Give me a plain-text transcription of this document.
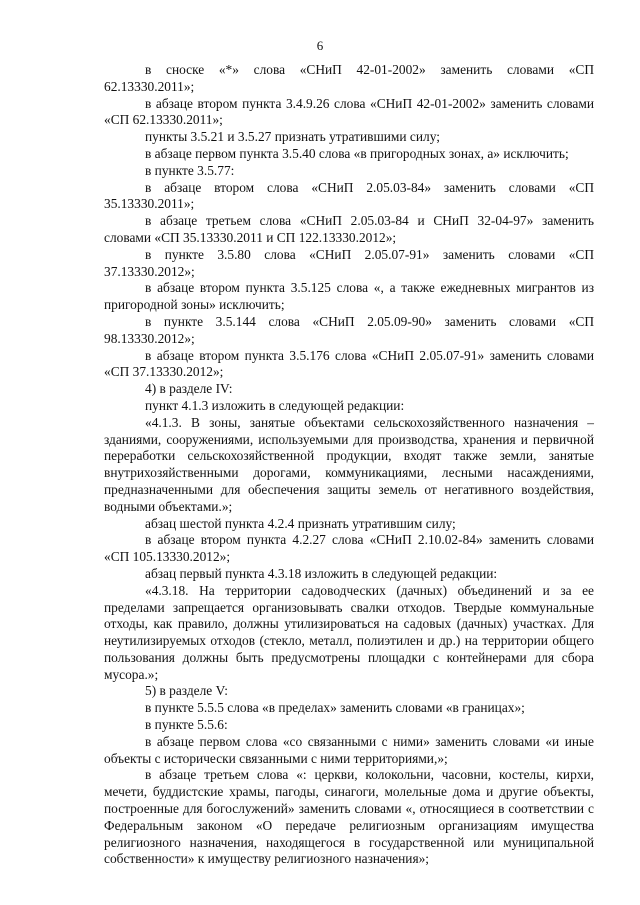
6

в сноске «*» слова «СНиП 42-01-2002» заменить словами «СП 62.13330.2011»;

в абзаце втором пункта 3.4.9.26 слова «СНиП 42-01-2002» заменить словами «СП 62.13330.2011»;

пункты 3.5.21 и 3.5.27 признать утратившими силу;

в абзаце первом пункта 3.5.40 слова «в пригородных зонах, а» исключить;

в пункте 3.5.77:

в абзаце втором слова «СНиП 2.05.03-84» заменить словами «СП 35.13330.2011»;

в абзаце третьем слова «СНиП 2.05.03-84 и СНиП 32-04-97» заменить словами «СП 35.13330.2011 и СП 122.13330.2012»;

в пункте 3.5.80 слова «СНиП 2.05.07-91» заменить словами «СП 37.13330.2012»;

в абзаце втором пункта 3.5.125 слова «, а также ежедневных мигрантов из пригородной зоны» исключить;

в пункте 3.5.144 слова «СНиП 2.05.09-90» заменить словами «СП 98.13330.2012»;

в абзаце втором пункта 3.5.176 слова «СНиП 2.05.07-91» заменить словами «СП 37.13330.2012»;

4) в разделе IV:

пункт 4.1.3 изложить в следующей редакции:

«4.1.3. В зоны, занятые объектами сельскохозяйственного назначения – зданиями, сооружениями, используемыми для производства, хранения и первичной переработки сельскохозяйственной продукции, входят также земли, занятые внутрихозяйственными дорогами, коммуникациями, лесными насаждениями, предназначенными для обеспечения защиты земель от негативного воздействия, водными объектами.»;

абзац шестой пункта 4.2.4 признать утратившим силу;

в абзаце втором пункта 4.2.27 слова «СНиП 2.10.02-84» заменить словами «СП 105.13330.2012»;

абзац первый пункта 4.3.18 изложить в следующей редакции:

«4.3.18. На территории садоводческих (дачных) объединений и за ее пределами запрещается организовывать свалки отходов. Твердые коммунальные отходы, как правило, должны утилизироваться на садовых (дачных) участках. Для неутилизируемых отходов (стекло, металл, полиэтилен и др.) на территории общего пользования должны быть предусмотрены площадки с контейнерами для сбора мусора.»;

5) в разделе V:

в пункте 5.5.5 слова «в пределах» заменить словами «в границах»;

в пункте 5.5.6:

в абзаце первом слова «со связанными с ними» заменить словами «и иные объекты с исторически связанными с ними территориями,»;

в абзаце третьем слова «: церкви, колокольни, часовни, костелы, кирхи, мечети, буддистские храмы, пагоды, синагоги, молельные дома и другие объекты, построенные для богослужений» заменить словами «, относящиеся в соответствии с Федеральным законом «О передаче религиозным организациям имущества религиозного назначения, находящегося в государственной или муниципальной собственности» к имуществу религиозного назначения»;
